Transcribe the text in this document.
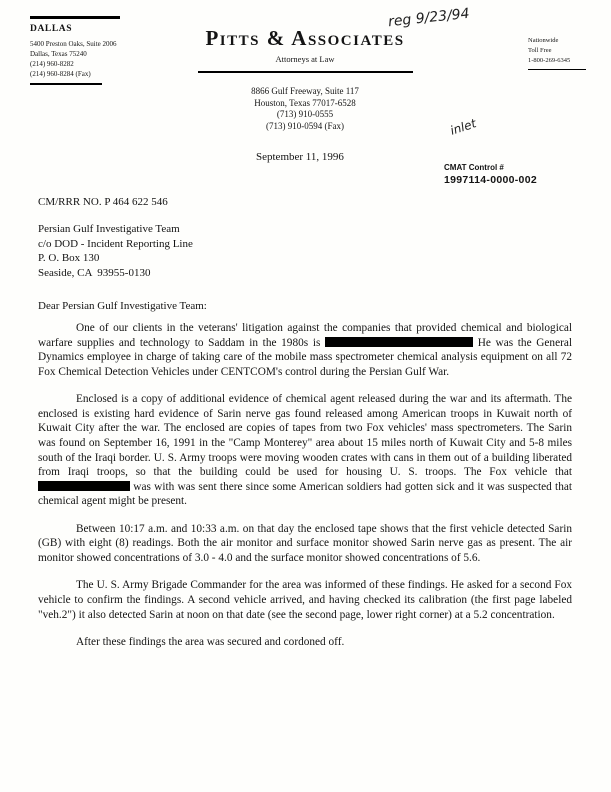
DALLAS
5400 Preston Oaks, Suite 2006
Dallas, Texas 75240
(214) 960-8282
(214) 960-8284 (Fax)
Pitts & Associates
Attorneys at Law
Nationwide
Toll Free
1-800-269-6345
reg 9/23/94
inlet
8866 Gulf Freeway, Suite 117
Houston, Texas 77017-6528
(713) 910-0555
(713) 910-0594 (Fax)
September 11, 1996
CMAT Control #
1997114-0000-002
CM/RRR NO. P 464 622 546
Persian Gulf Investigative Team
c/o DOD - Incident Reporting Line
P. O. Box 130
Seaside, CA  93955-0130
Dear Persian Gulf Investigative Team:

One of our clients in the veterans' litigation against the companies that provided chemical and biological warfare supplies and technology to Saddam in the 1980s is	He was the General Dynamics employee in charge of taking care of the mobile mass spectrometer chemical analysis equipment on all 72 Fox Chemical Detection Vehicles under CENTCOM's control during the Persian Gulf War.

Enclosed is a copy of additional evidence of chemical agent released during the war and its aftermath. The enclosed is existing hard evidence of Sarin nerve gas found released among American troops in Kuwait north of Kuwait City after the war. The enclosed are copies of tapes from two Fox vehicles' mass spectrometers. The Sarin was found on September 16, 1991 in the "Camp Monterey" area about 15 miles north of Kuwait City and 5-8 miles south of the Iraqi border. U. S. Army troops were moving wooden crates with cans in them out of a building liberated from Iraqi troops, so that the building could be used for housing U. S. troops. The Fox vehicle that  was with was sent there since some American soldiers had gotten sick and it was suspected that chemical agent might be present.

Between 10:17 a.m. and 10:33 a.m. on that day the enclosed tape shows that the first vehicle detected Sarin (GB) with eight (8) readings. Both the air monitor and surface monitor showed Sarin nerve gas as present. The air monitor showed concentrations of 3.0 - 4.0 and the surface monitor showed concentrations of 5.6.

The U. S. Army Brigade Commander for the area was informed of these findings. He asked for a second Fox vehicle to confirm the findings. A second vehicle arrived, and having checked its calibration (the first page labeled "veh.2") it also detected Sarin at noon on that date (see the second page, lower right corner) at a 5.2 concentration.

After these findings the area was secured and cordoned off.
